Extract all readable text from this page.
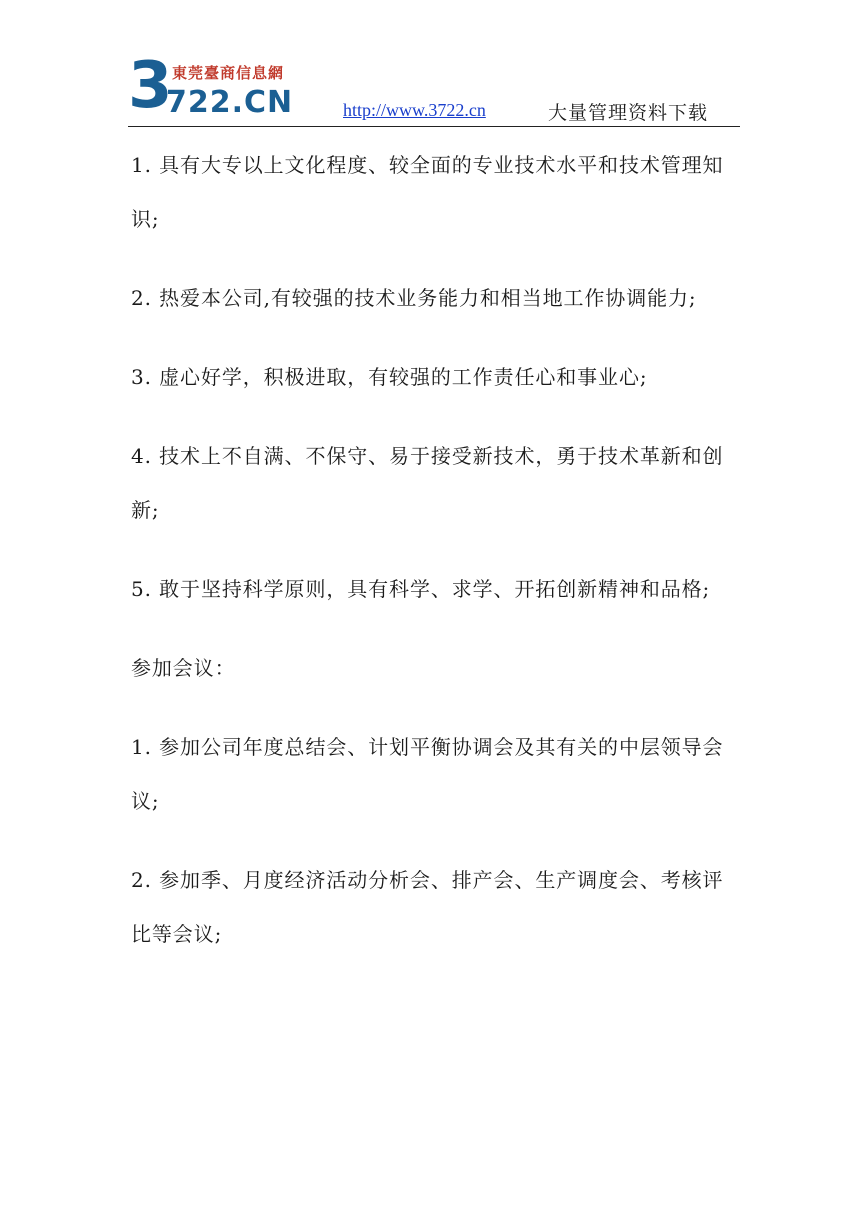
3 東莞臺商信息網
722.CN	http://www.3722.cn	大量管理资料下载

1. 具有大专以上文化程度、较全面的专业技术水平和技术管理知识;

2. 热爱本公司,有较强的技术业务能力和相当地工作协调能力;

3. 虚心好学，积极进取，有较强的工作责任心和事业心;

4. 技术上不自满、不保守、易于接受新技术，勇于技术革新和创新;

5. 敢于坚持科学原则，具有科学、求学、开拓创新精神和品格;

参加会议：

1. 参加公司年度总结会、计划平衡协调会及其有关的中层领导会议;

2. 参加季、月度经济活动分析会、排产会、生产调度会、考核评比等会议;
